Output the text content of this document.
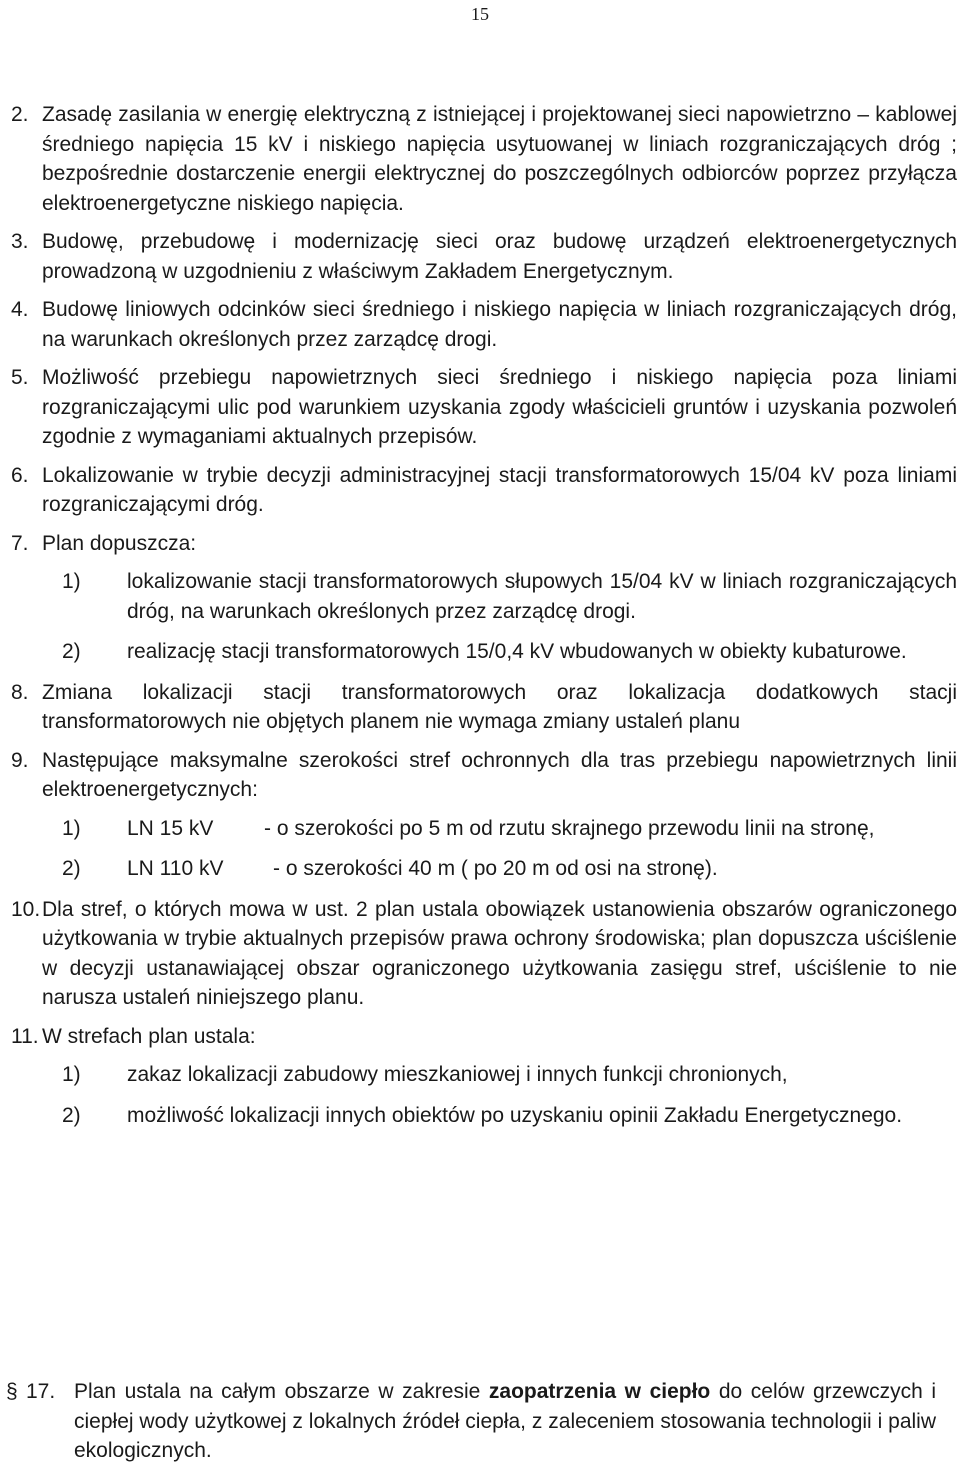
15
2. Zasadę zasilania w energię elektryczną z istniejącej i projektowanej sieci napowietrzno – kablowej średniego napięcia 15 kV i niskiego napięcia usytuowanej w liniach rozgraniczających dróg ; bezpośrednie dostarczenie energii elektrycznej do poszczególnych odbiorców poprzez przyłącza elektroenergetyczne niskiego napięcia.
3. Budowę, przebudowę i modernizację sieci oraz budowę urządzeń elektroenergetycznych prowadzoną w uzgodnieniu z właściwym Zakładem Energetycznym.
4. Budowę liniowych odcinków sieci średniego i niskiego napięcia w liniach rozgraniczających dróg, na warunkach określonych przez zarządcę drogi.
5. Możliwość przebiegu napowietrznych sieci średniego i niskiego napięcia poza liniami rozgraniczającymi ulic pod warunkiem uzyskania zgody właścicieli gruntów i uzyskania pozwoleń zgodnie z wymaganiami aktualnych przepisów.
6. Lokalizowanie w trybie decyzji administracyjnej stacji transformatorowych 15/04 kV poza liniami rozgraniczającymi dróg.
7. Plan dopuszcza:
1) lokalizowanie stacji transformatorowych słupowych 15/04 kV w liniach rozgraniczających dróg, na warunkach określonych przez zarządcę drogi.
2) realizację stacji transformatorowych 15/0,4 kV wbudowanych w obiekty kubaturowe.
8. Zmiana lokalizacji stacji transformatorowych oraz lokalizacja dodatkowych stacji transformatorowych nie objętych planem nie wymaga zmiany ustaleń planu
9. Następujące maksymalne szerokości stref ochronnych dla tras przebiegu napowietrznych linii elektroenergetycznych:
1) LN 15 kV - o szerokości po 5 m od rzutu skrajnego przewodu linii na stronę,
2) LN 110 kV - o szerokości 40 m ( po 20 m od osi na stronę).
10. Dla stref, o których mowa w ust. 2 plan ustala obowiązek ustanowienia obszarów ograniczonego użytkowania w trybie aktualnych przepisów prawa ochrony środowiska; plan dopuszcza uściślenie w decyzji ustanawiającej obszar ograniczonego użytkowania zasięgu stref, uściślenie to nie narusza ustaleń niniejszego planu.
11. W strefach plan ustala:
1) zakaz lokalizacji zabudowy mieszkaniowej i innych funkcji chronionych,
2) możliwość lokalizacji innych obiektów po uzyskaniu opinii Zakładu Energetycznego.
§ 17. Plan ustala na całym obszarze w zakresie zaopatrzenia w ciepło do celów grzewczych i ciepłej wody użytkowej z lokalnych źródeł ciepła, z zaleceniem stosowania technologii i paliw ekologicznych.
